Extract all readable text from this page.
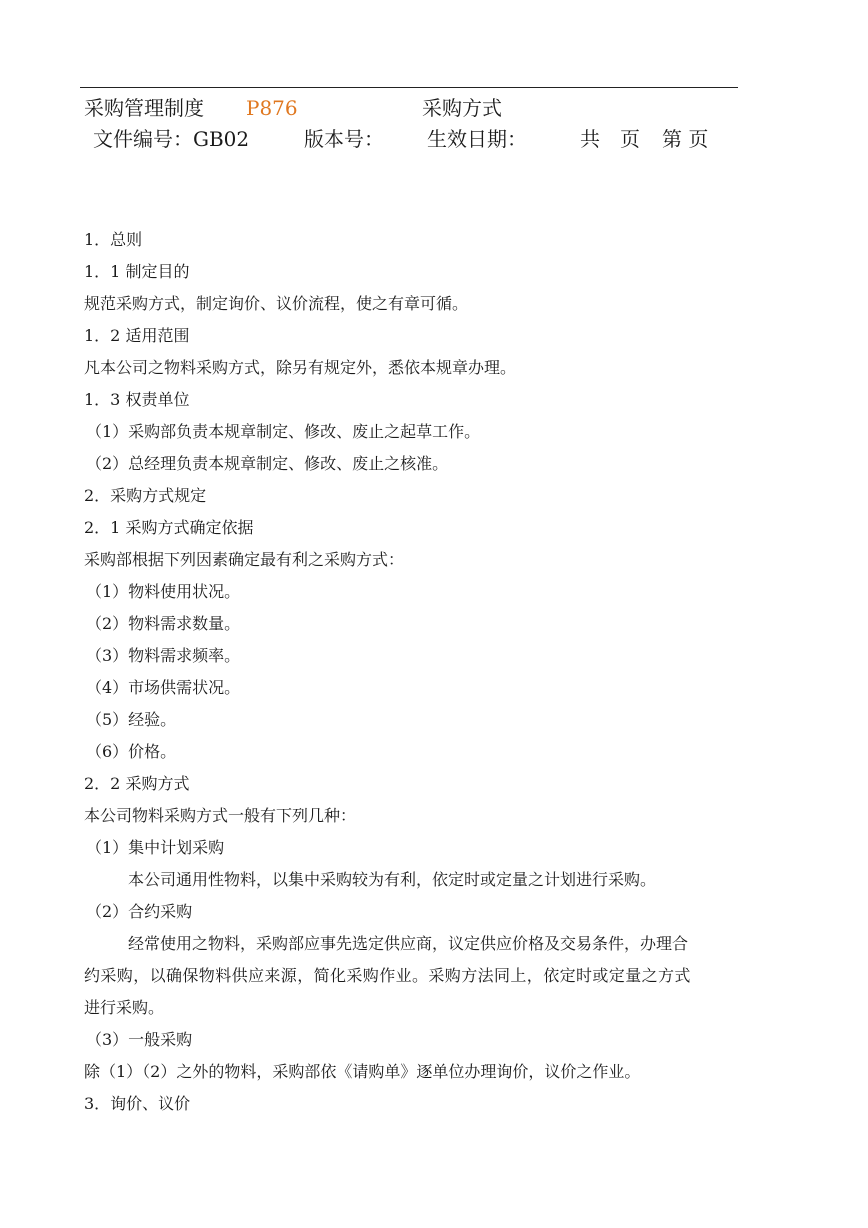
采购管理制度 P876	采购方式
文件编号：GB02	版本号： 生效日期：	共　页 第 页
1．总则
1．1 制定目的
规范采购方式，制定询价、议价流程，使之有章可循。
1．2 适用范围
凡本公司之物料采购方式，除另有规定外，悉依本规章办理。
1．3 权责单位
（1）采购部负责本规章制定、修改、废止之起草工作。
（2）总经理负责本规章制定、修改、废止之核准。
2．采购方式规定
2．1 采购方式确定依据
采购部根据下列因素确定最有利之采购方式：
（1）物料使用状况。
（2）物料需求数量。
（3）物料需求频率。
（4）市场供需状况。
（5）经验。
（6）价格。
2．2 采购方式
本公司物料采购方式一般有下列几种：
（1）集中计划采购
本公司通用性物料，以集中采购较为有利，依定时或定量之计划进行采购。
（2）合约采购
经常使用之物料，采购部应事先选定供应商，议定供应价格及交易条件，办理合
约采购，以确保物料供应来源，简化采购作业。采购方法同上，依定时或定量之方式
进行采购。
（3）一般采购
除（1）（2）之外的物料，采购部依《请购单》逐单位办理询价，议价之作业。
3．询价、议价
